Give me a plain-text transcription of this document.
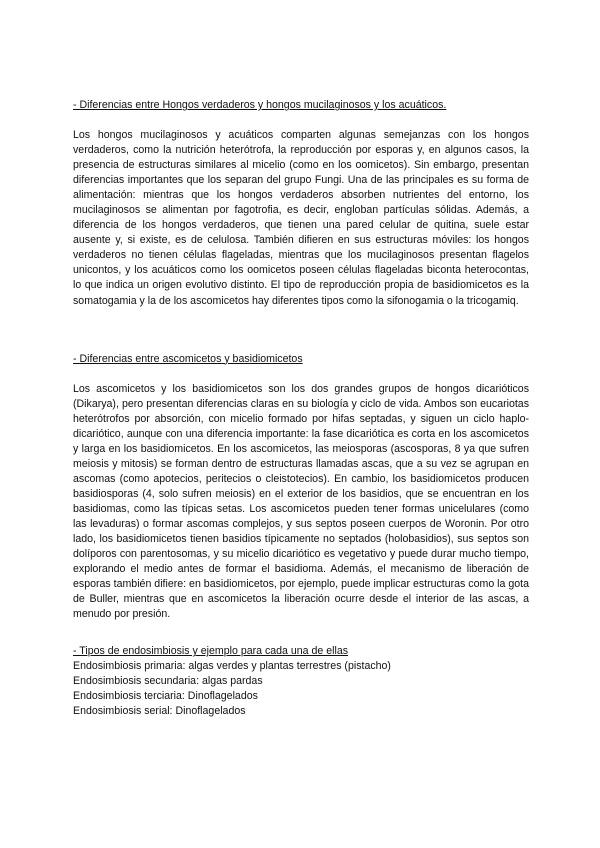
- Diferencias entre Hongos verdaderos y hongos mucilaginosos y los acuáticos.

Los hongos mucilaginosos y acuáticos comparten algunas semejanzas con los hongos verdaderos, como la nutrición heterótrofa, la reproducción por esporas y, en algunos casos, la presencia de estructuras similares al micelio (como en los oomicetos). Sin embargo, presentan diferencias importantes que los separan del grupo Fungi. Una de las principales es su forma de alimentación: mientras que los hongos verdaderos absorben nutrientes del entorno, los mucilaginosos se alimentan por fagotrofia, es decir, engloban partículas sólidas. Además, a diferencia de los hongos verdaderos, que tienen una pared celular de quitina, suele estar ausente y, si existe, es de celulosa. También difieren en sus estructuras móviles: los hongos verdaderos no tienen células flageladas, mientras que los mucilaginosos presentan flagelos unicontos, y los acuáticos como los oomicetos poseen células flageladas biconta heterocontas, lo que indica un origen evolutivo distinto. El tipo de reproducción propia de basidiomicetos es la somatogamia y la de los ascomicetos hay diferentes tipos como la sifonogamia o la tricogamiq.

- Diferencias entre ascomicetos y basidiomicetos

Los ascomicetos y los basidiomicetos son los dos grandes grupos de hongos dicarióticos (Dikarya), pero presentan diferencias claras en su biología y ciclo de vida. Ambos son eucariotas heterótrofos por absorción, con micelio formado por hifas septadas, y siguen un ciclo haplo-dicariótico, aunque con una diferencia importante: la fase dicariótica es corta en los ascomicetos y larga en los basidiomicetos. En los ascomicetos, las meiosporas (ascosporas, 8 ya que sufren meiosis y mitosis) se forman dentro de estructuras llamadas ascas, que a su vez se agrupan en ascomas (como apotecios, peritecios o cleistotecios). En cambio, los basidiomicetos producen basidiosporas (4, solo sufren meiosis) en el exterior de los basidios, que se encuentran en los basidiomas, como las típicas setas. Los ascomicetos pueden tener formas unicelulares (como las levaduras) o formar ascomas complejos, y sus septos poseen cuerpos de Woronin. Por otro lado, los basidiomicetos tienen basidios típicamente no septados (holobasidios), sus septos son dolíporos con parentosomas, y su micelio dicariótico es vegetativo y puede durar mucho tiempo, explorando el medio antes de formar el basidioma. Además, el mecanismo de liberación de esporas también difiere: en basidiomicetos, por ejemplo, puede implicar estructuras como la gota de Buller, mientras que en ascomicetos la liberación ocurre desde el interior de las ascas, a menudo por presión.

- Tipos de endosimbiosis y ejemplo para cada una de ellas

Endosimbiosis primaria: algas verdes y plantas terrestres (pistacho)

Endosimbiosis secundaria: algas pardas

Endosimbiosis terciaria: Dinoflagelados

Endosimbiosis serial: Dinoflagelados
